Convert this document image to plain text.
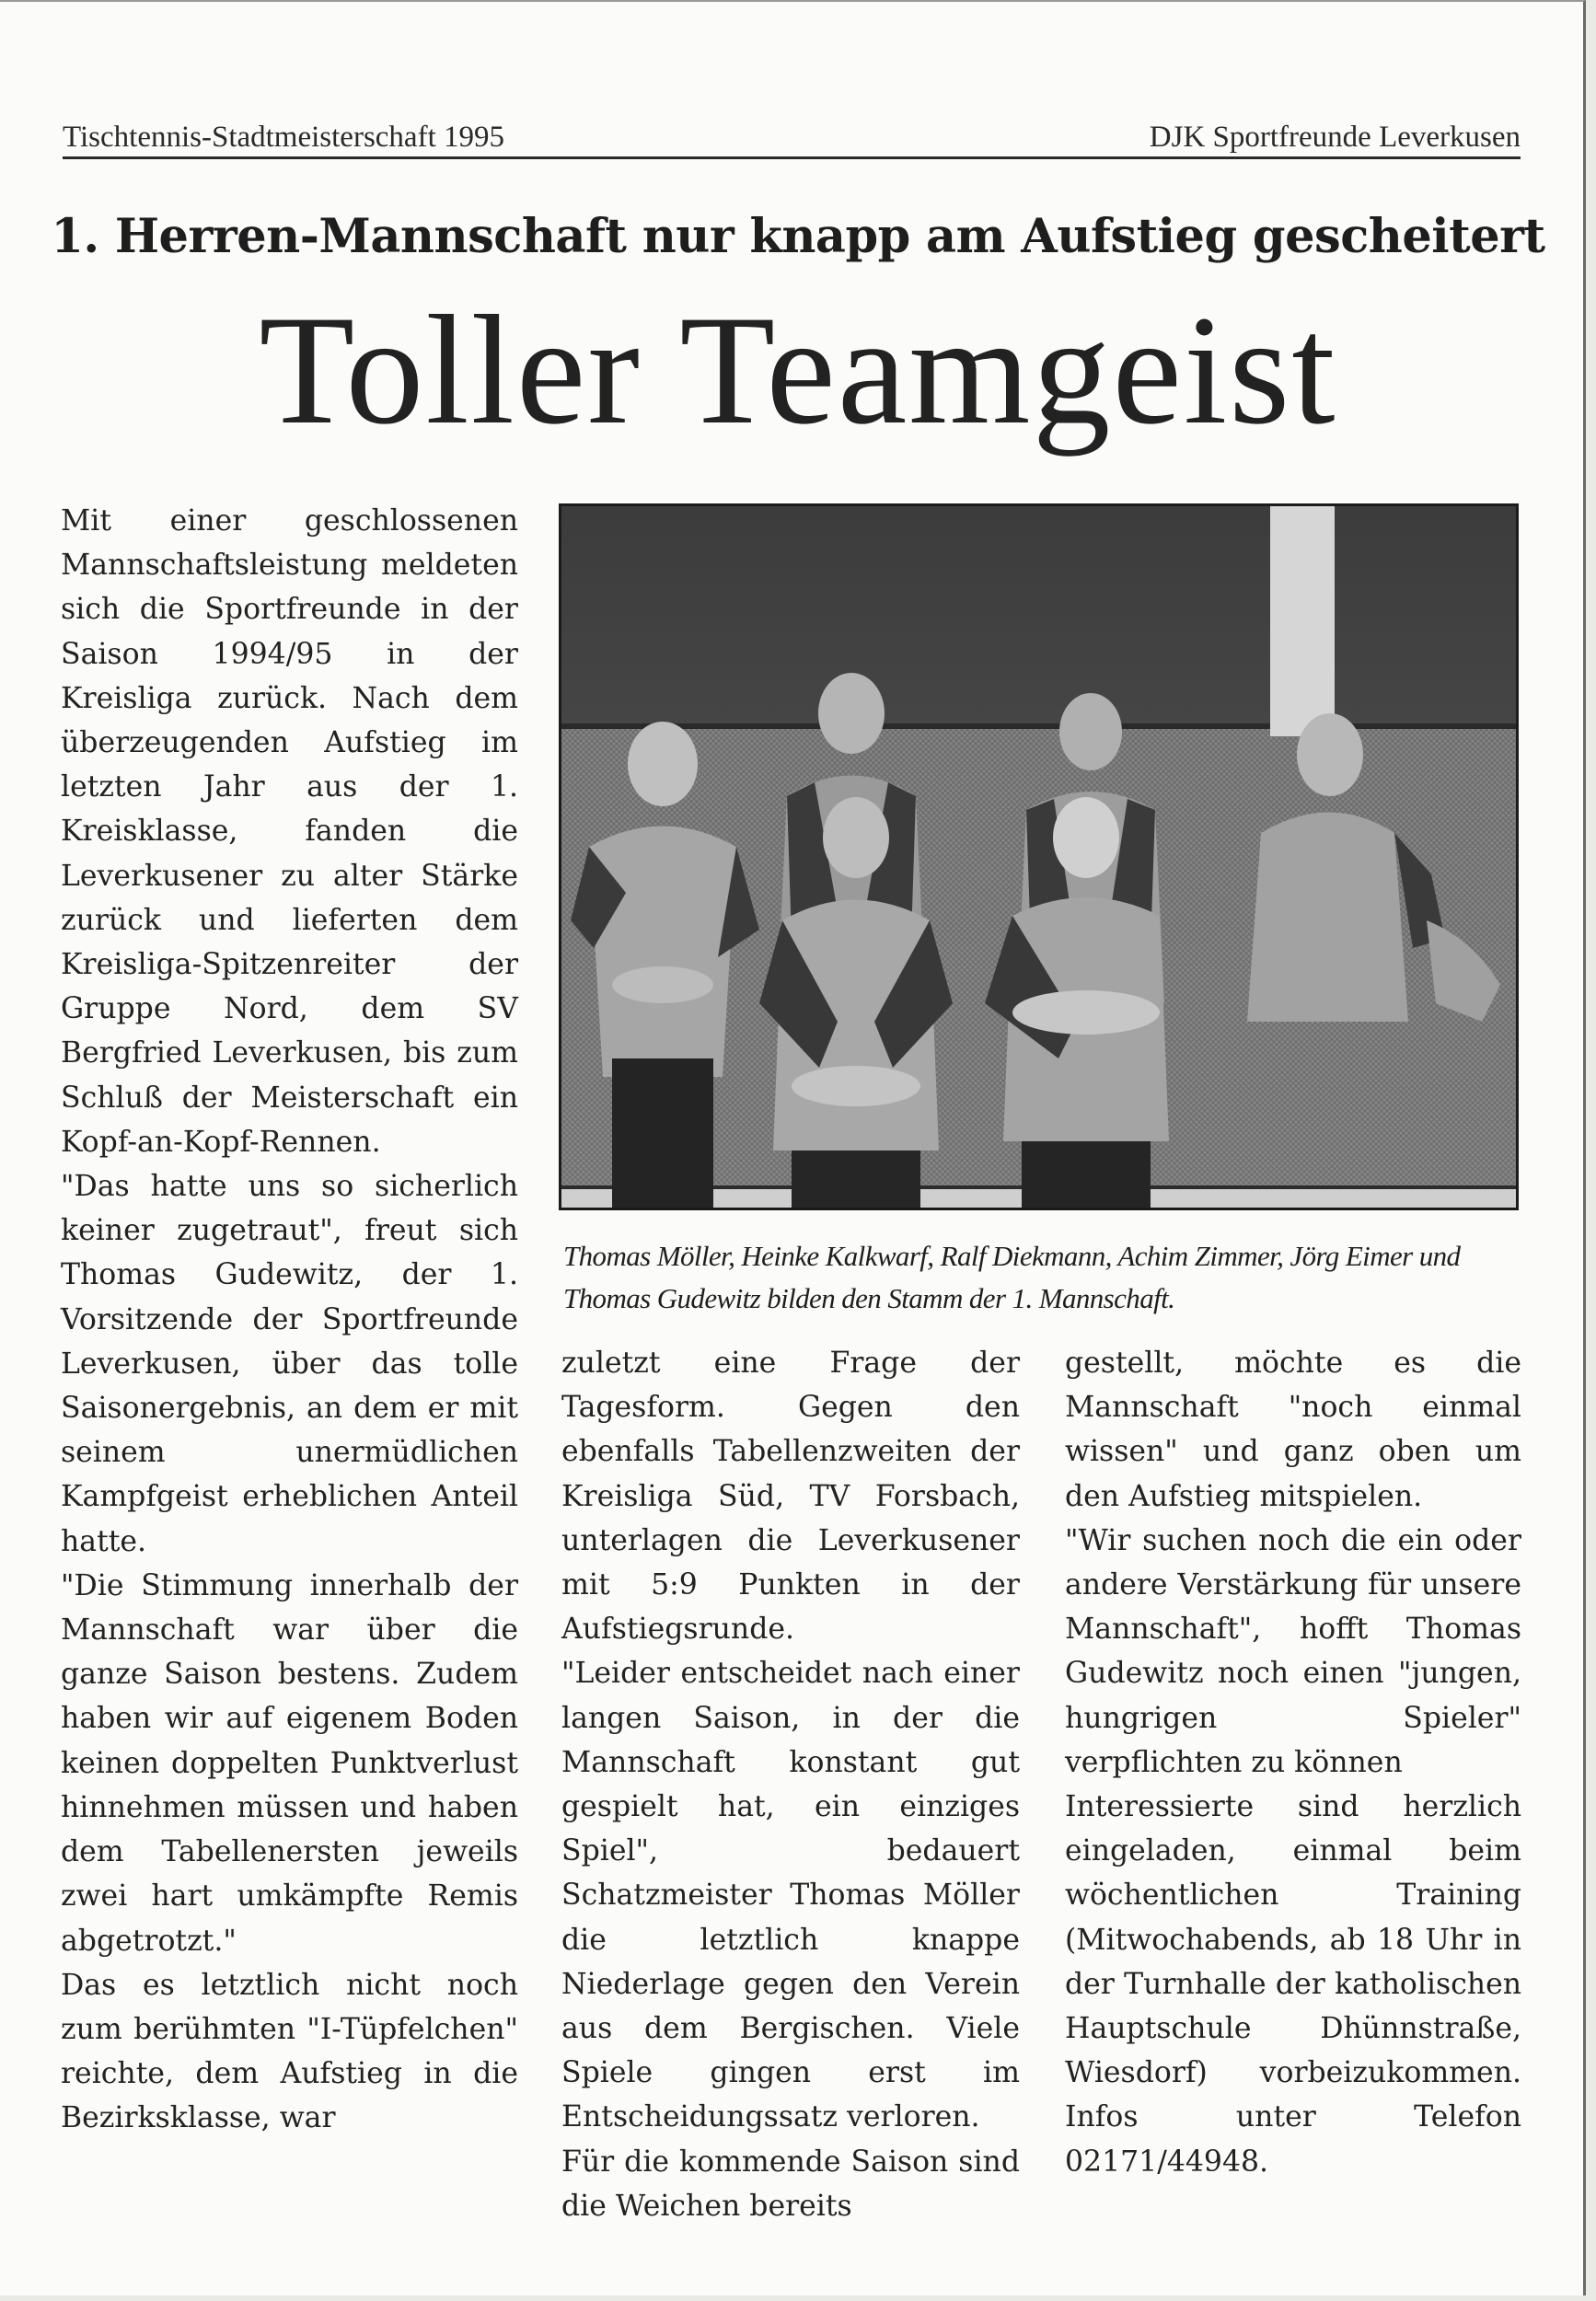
Tischtennis-Stadtmeisterschaft 1995	DJK Sportfreunde Leverkusen
1. Herren-Mannschaft nur knapp am Aufstieg gescheitert
Toller Teamgeist

Mit einer geschlossenen Mannschaftsleistung meldeten sich die Sportfreunde in der Saison 1994/95 in der Kreisliga zurück. Nach dem überzeugenden Aufstieg im letzten Jahr aus der 1. Kreisklasse, fanden die Leverkusener zu alter Stärke zurück und lieferten dem Kreisliga-Spitzenreiter der Gruppe Nord, dem SV Bergfried Leverkusen, bis zum Schluß der Meisterschaft ein Kopf-an-Kopf-Rennen.

"Das hatte uns so sicherlich keiner zugetraut", freut sich Thomas Gudewitz, der 1. Vorsitzende der Sportfreunde Leverkusen, über das tolle Saisonergebnis, an dem er mit seinem unermüdlichen Kampfgeist erheblichen Anteil hatte.

"Die Stimmung innerhalb der Mannschaft war über die ganze Saison bestens. Zudem haben wir auf eigenem Boden keinen doppelten Punktverlust hinnehmen müssen und haben dem Tabellenersten jeweils zwei hart umkämpfte Remis abgetrotzt."

Das es letztlich nicht noch zum berühmten "I-Tüpfelchen" reichte, dem Aufstieg in die Bezirksklasse, war

Thomas Möller, Heinke Kalkwarf, Ralf Diekmann, Achim Zimmer, Jörg Eimer und Thomas Gudewitz bilden den Stamm der 1. Mannschaft.

zuletzt eine Frage der Tagesform. Gegen den ebenfalls Tabellenzweiten der Kreisliga Süd, TV Forsbach, unterlagen die Leverkusener mit 5:9 Punkten in der Aufstiegsrunde.

"Leider entscheidet nach einer langen Saison, in der die Mannschaft konstant gut gespielt hat, ein einziges Spiel", bedauert Schatzmeister Thomas Möller die letztlich knappe Niederlage gegen den Verein aus dem Bergischen. Viele Spiele gingen erst im Entscheidungssatz verloren.

Für die kommende Saison sind die Weichen bereits

gestellt, möchte es die Mannschaft "noch einmal wissen" und ganz oben um den Aufstieg mitspielen.

"Wir suchen noch die ein oder andere Verstärkung für unsere Mannschaft", hofft Thomas Gudewitz noch einen "jungen, hungrigen Spieler" verpflichten zu können

Interessierte sind herzlich eingeladen, einmal beim wöchentlichen Training (Mitwochabends, ab 18 Uhr in der Turnhalle der katholischen Hauptschule Dhünnstraße, Wiesdorf) vorbeizukommen. Infos unter Telefon 02171/44948.
